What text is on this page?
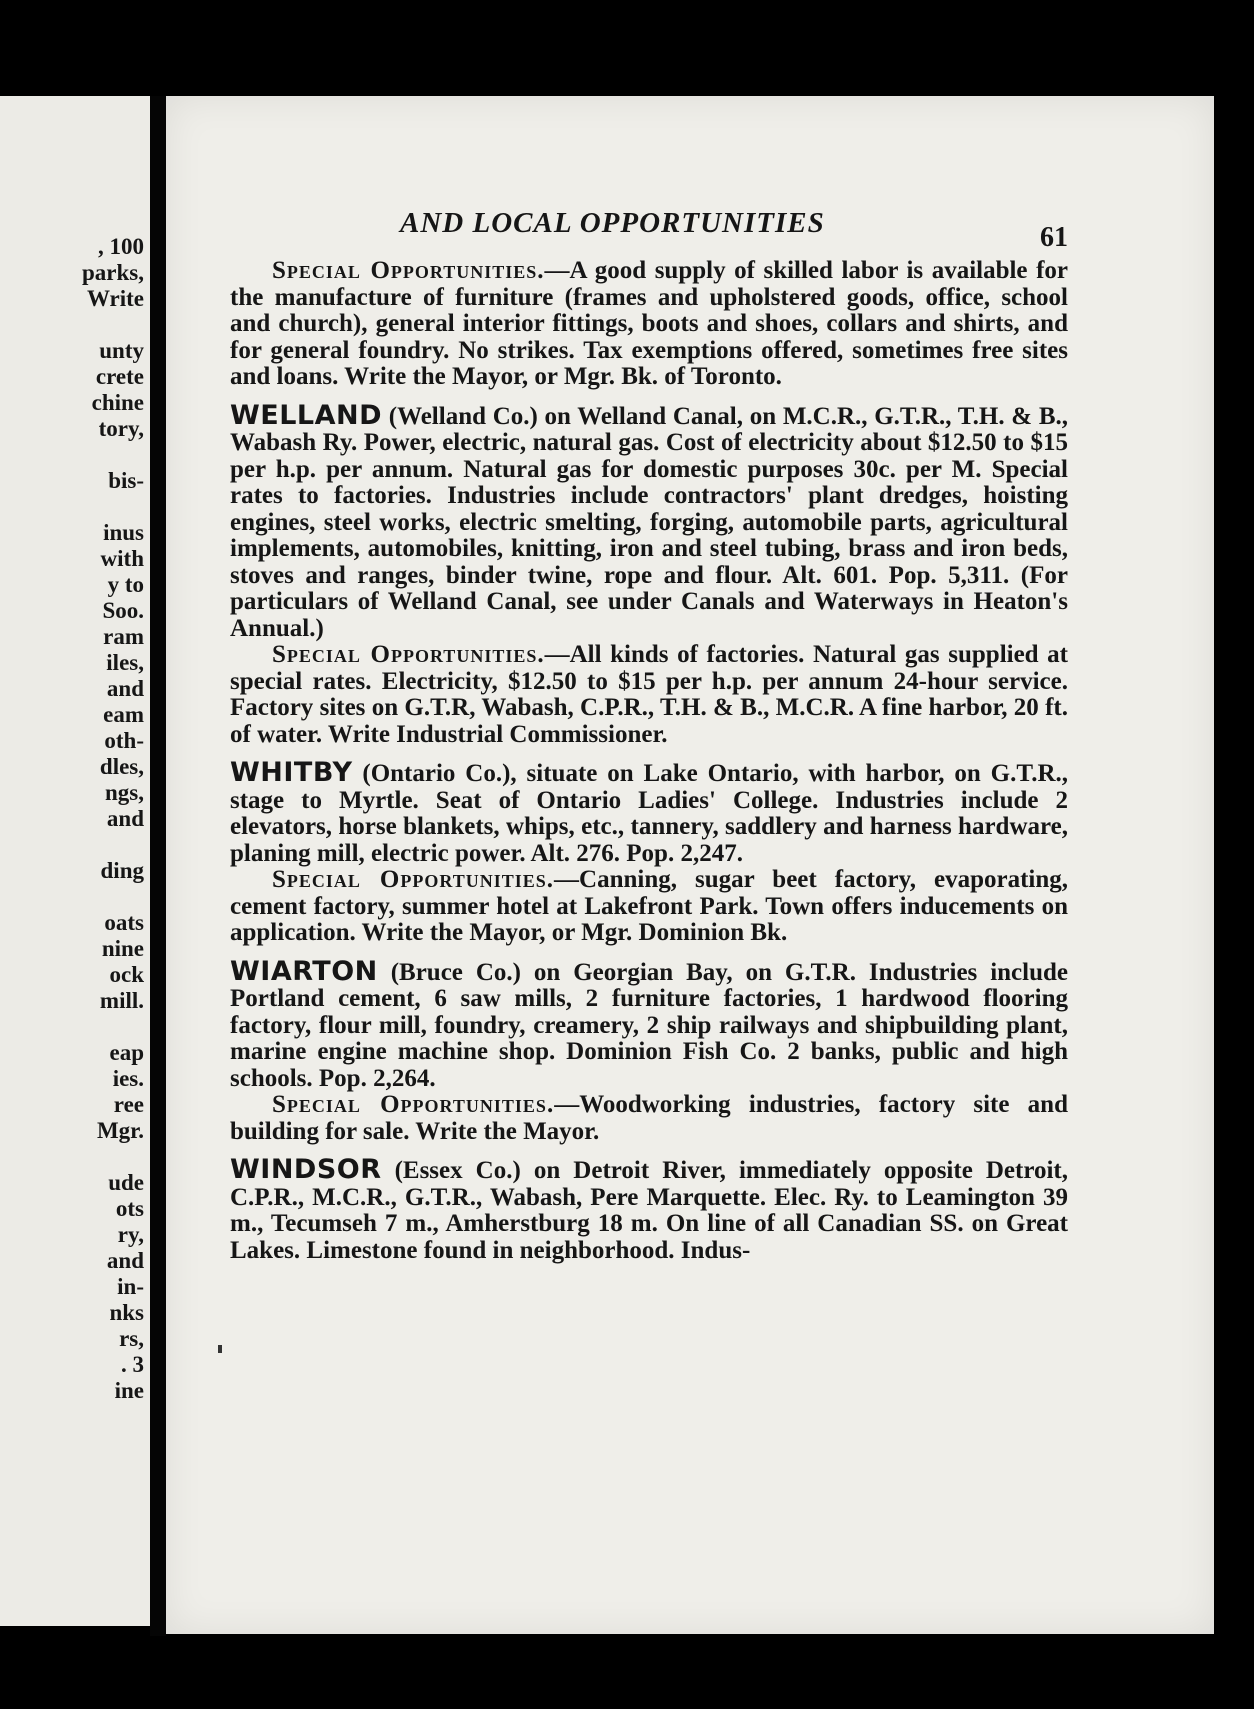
, 100
parks,
Write

unty
crete
chine
tory,

bis-

inus
with
y to
Soo.
ram
iles,
and
eam
oth-
dles,
ngs,
and

ding

oats
nine
ock
mill.

eap
ies.
ree
Mgr.

ude
ots
ry,
and
in-
nks
rs,
. 3
ine
AND LOCAL OPPORTUNITIES	61

Special Opportunities.—A good supply of skilled labor is available for the manufacture of furniture (frames and upholstered goods, office, school and church), general interior fittings, boots and shoes, collars and shirts, and for general foundry. No strikes. Tax exemptions offered, sometimes free sites and loans. Write the Mayor, or Mgr. Bk. of Toronto.

WELLAND (Welland Co.) on Welland Canal, on M.C.R., G.T.R., T.H. & B., Wabash Ry. Power, electric, natural gas. Cost of electricity about $12.50 to $15 per h.p. per annum. Natural gas for domestic purposes 30c. per M. Special rates to factories. Industries include contractors' plant dredges, hoisting engines, steel works, electric smelting, forging, automobile parts, agricultural implements, automobiles, knitting, iron and steel tubing, brass and iron beds, stoves and ranges, binder twine, rope and flour. Alt. 601. Pop. 5,311. (For particulars of Welland Canal, see under Canals and Waterways in Heaton's Annual.)

Special Opportunities.—All kinds of factories. Natural gas supplied at special rates. Electricity, $12.50 to $15 per h.p. per annum 24-hour service. Factory sites on G.T.R, Wabash, C.P.R., T.H. & B., M.C.R. A fine harbor, 20 ft. of water. Write Industrial Commissioner.

WHITBY (Ontario Co.), situate on Lake Ontario, with harbor, on G.T.R., stage to Myrtle. Seat of Ontario Ladies' College. Industries include 2 elevators, horse blankets, whips, etc., tannery, saddlery and harness hardware, planing mill, electric power. Alt. 276. Pop. 2,247.

Special Opportunities.—Canning, sugar beet factory, evaporating, cement factory, summer hotel at Lakefront Park. Town offers inducements on application. Write the Mayor, or Mgr. Dominion Bk.

WIARTON (Bruce Co.) on Georgian Bay, on G.T.R. Industries include Portland cement, 6 saw mills, 2 furniture factories, 1 hardwood flooring factory, flour mill, foundry, creamery, 2 ship railways and shipbuilding plant, marine engine machine shop. Dominion Fish Co. 2 banks, public and high schools. Pop. 2,264.

Special Opportunities.—Woodworking industries, factory site and building for sale. Write the Mayor.

WINDSOR (Essex Co.) on Detroit River, immediately opposite Detroit, C.P.R., M.C.R., G.T.R., Wabash, Pere Marquette. Elec. Ry. to Leamington 39 m., Tecumseh 7 m., Amherstburg 18 m. On line of all Canadian SS. on Great Lakes. Limestone found in neighborhood. Indus-
